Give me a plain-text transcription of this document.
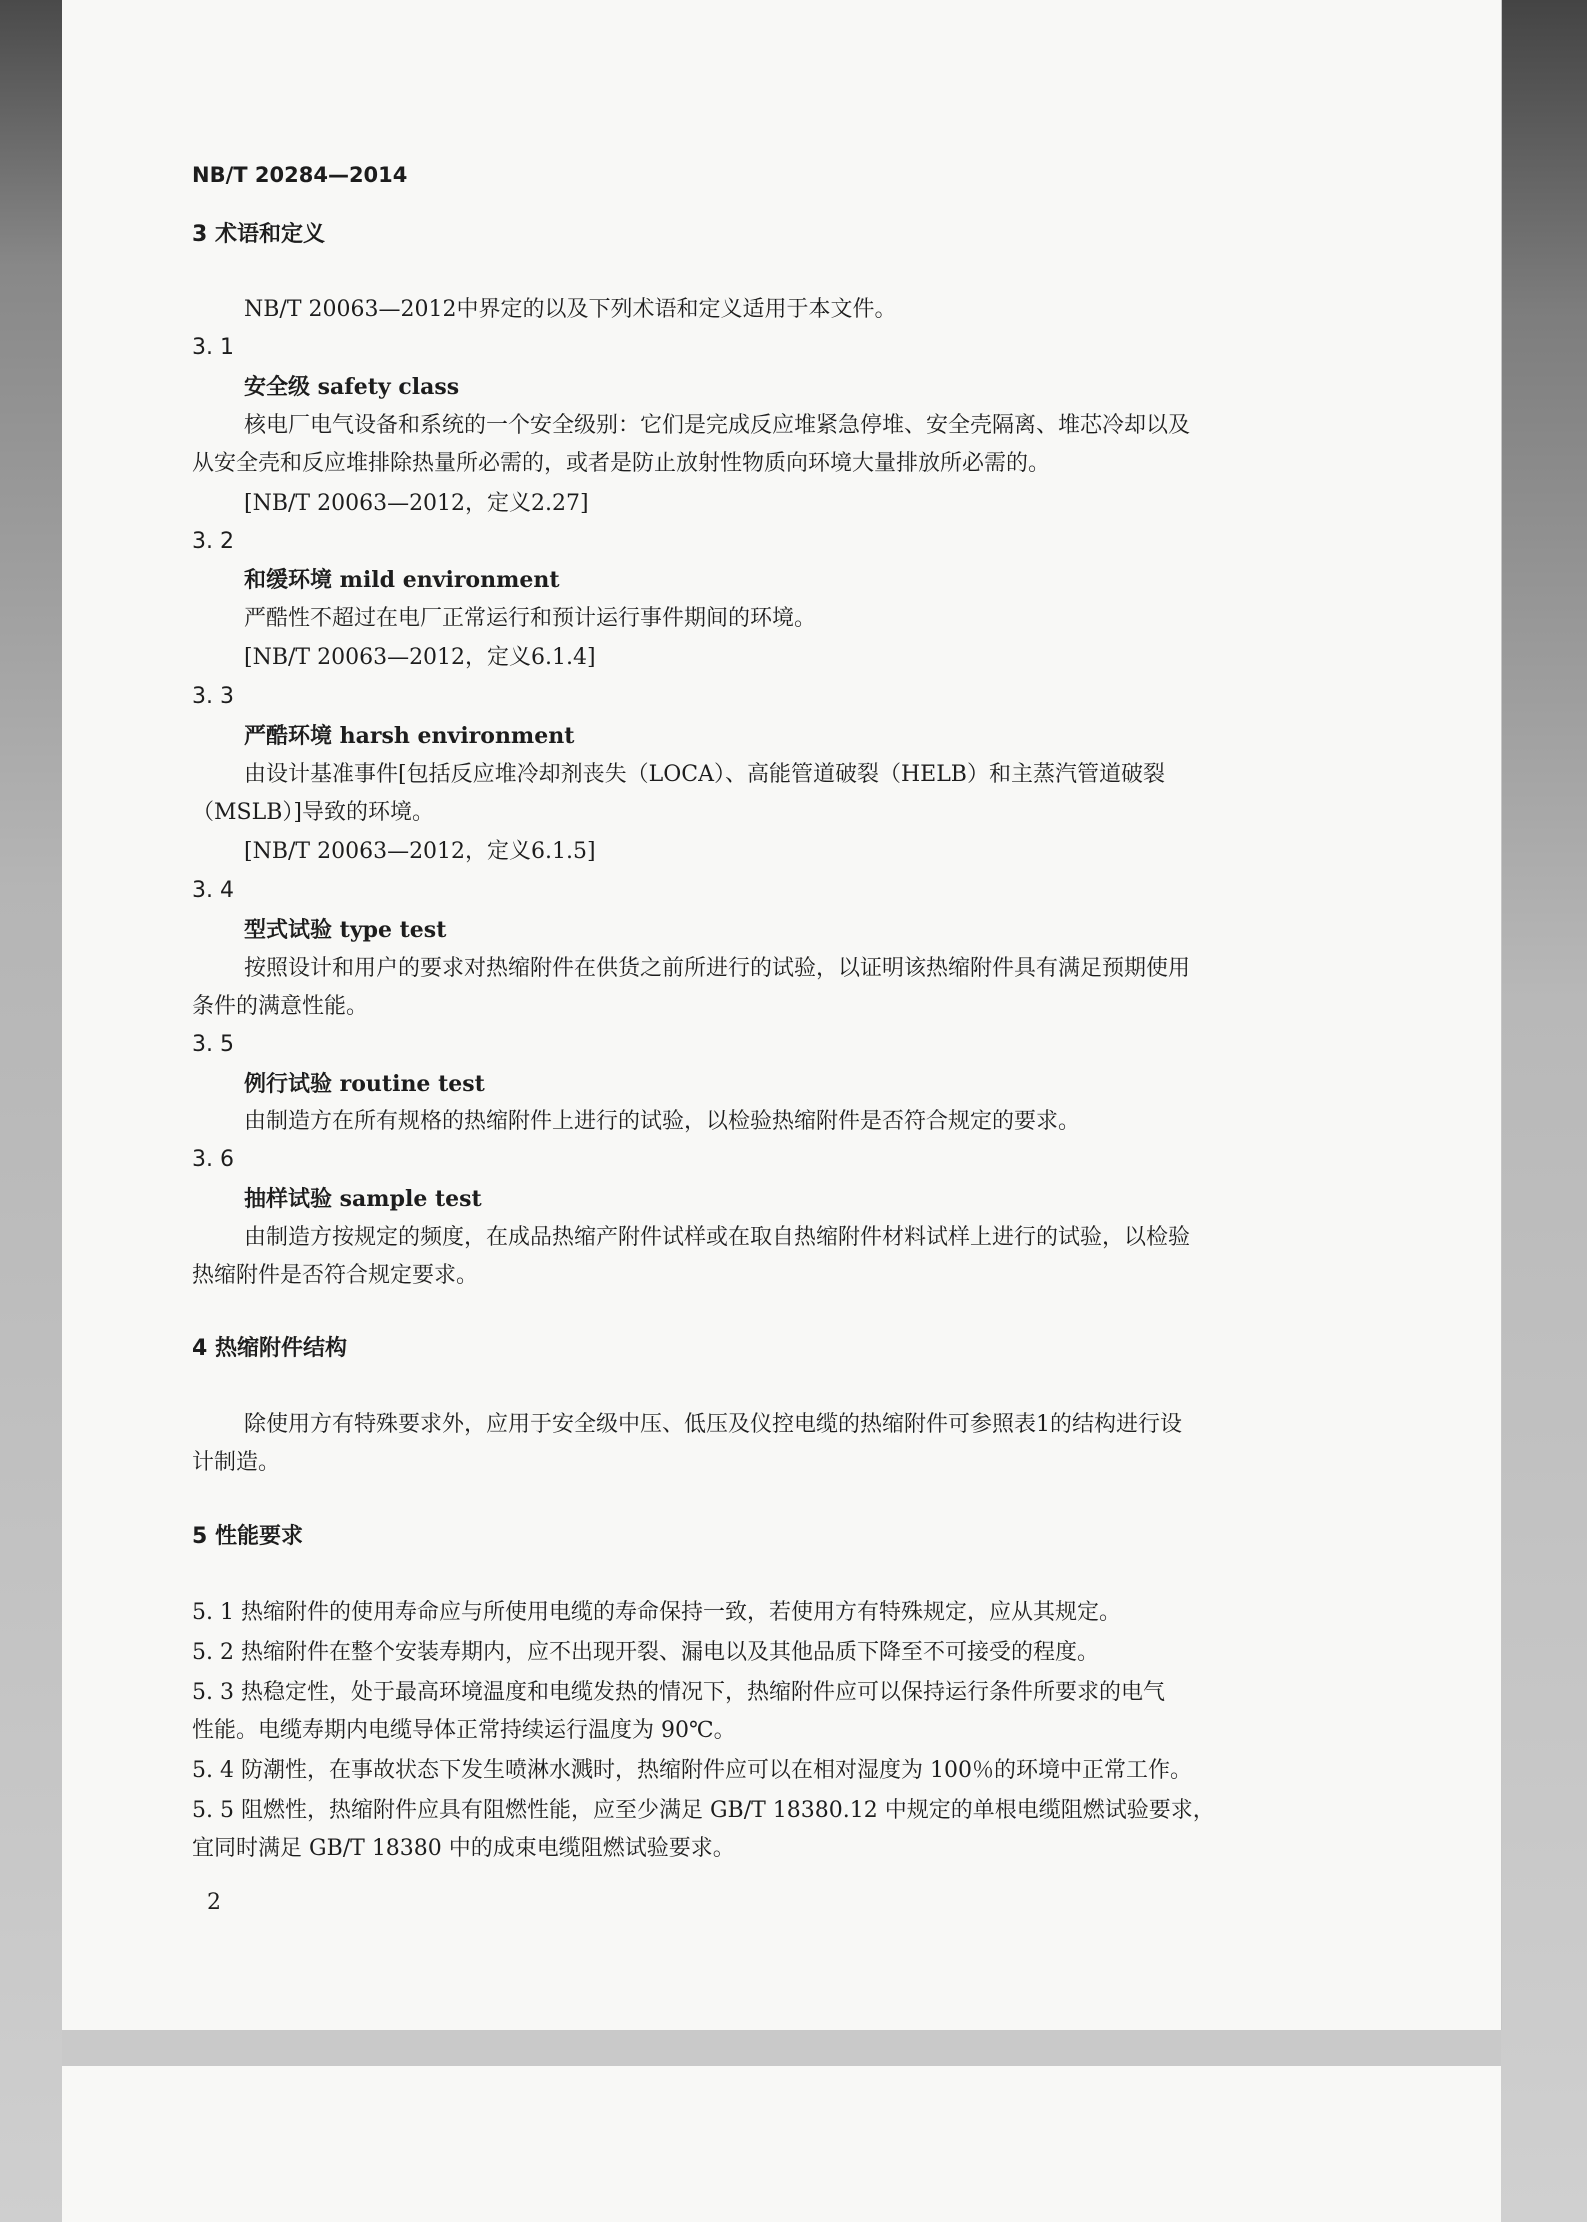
NB/T 20284—2014
3 术语和定义
NB/T 20063—2012中界定的以及下列术语和定义适用于本文件。
3. 1
安全级 safety class
核电厂电气设备和系统的一个安全级别：它们是完成反应堆紧急停堆、安全壳隔离、堆芯冷却以及
从安全壳和反应堆排除热量所必需的，或者是防止放射性物质向环境大量排放所必需的。
[NB/T 20063—2012，定义2.27]
3. 2
和缓环境 mild environment
严酷性不超过在电厂正常运行和预计运行事件期间的环境。
[NB/T 20063—2012，定义6.1.4]
3. 3
严酷环境 harsh environment
由设计基准事件[包括反应堆冷却剂丧失（LOCA）、高能管道破裂（HELB）和主蒸汽管道破裂
（MSLB）]导致的环境。
[NB/T 20063—2012，定义6.1.5]
3. 4
型式试验 type test
按照设计和用户的要求对热缩附件在供货之前所进行的试验，以证明该热缩附件具有满足预期使用
条件的满意性能。
3. 5
例行试验 routine test
由制造方在所有规格的热缩附件上进行的试验，以检验热缩附件是否符合规定的要求。
3. 6
抽样试验 sample test
由制造方按规定的频度，在成品热缩产附件试样或在取自热缩附件材料试样上进行的试验，以检验
热缩附件是否符合规定要求。
4 热缩附件结构
除使用方有特殊要求外，应用于安全级中压、低压及仪控电缆的热缩附件可参照表1的结构进行设
计制造。
5 性能要求
5. 1 热缩附件的使用寿命应与所使用电缆的寿命保持一致，若使用方有特殊规定，应从其规定。
5. 2 热缩附件在整个安装寿期内，应不出现开裂、漏电以及其他品质下降至不可接受的程度。
5. 3 热稳定性，处于最高环境温度和电缆发热的情况下，热缩附件应可以保持运行条件所要求的电气
性能。电缆寿期内电缆导体正常持续运行温度为 90℃。
5. 4 防潮性，在事故状态下发生喷淋水溅时，热缩附件应可以在相对湿度为 100％的环境中正常工作。
5. 5 阻燃性，热缩附件应具有阻燃性能，应至少满足 GB/T 18380.12 中规定的单根电缆阻燃试验要求，
宜同时满足 GB/T 18380 中的成束电缆阻燃试验要求。
2
